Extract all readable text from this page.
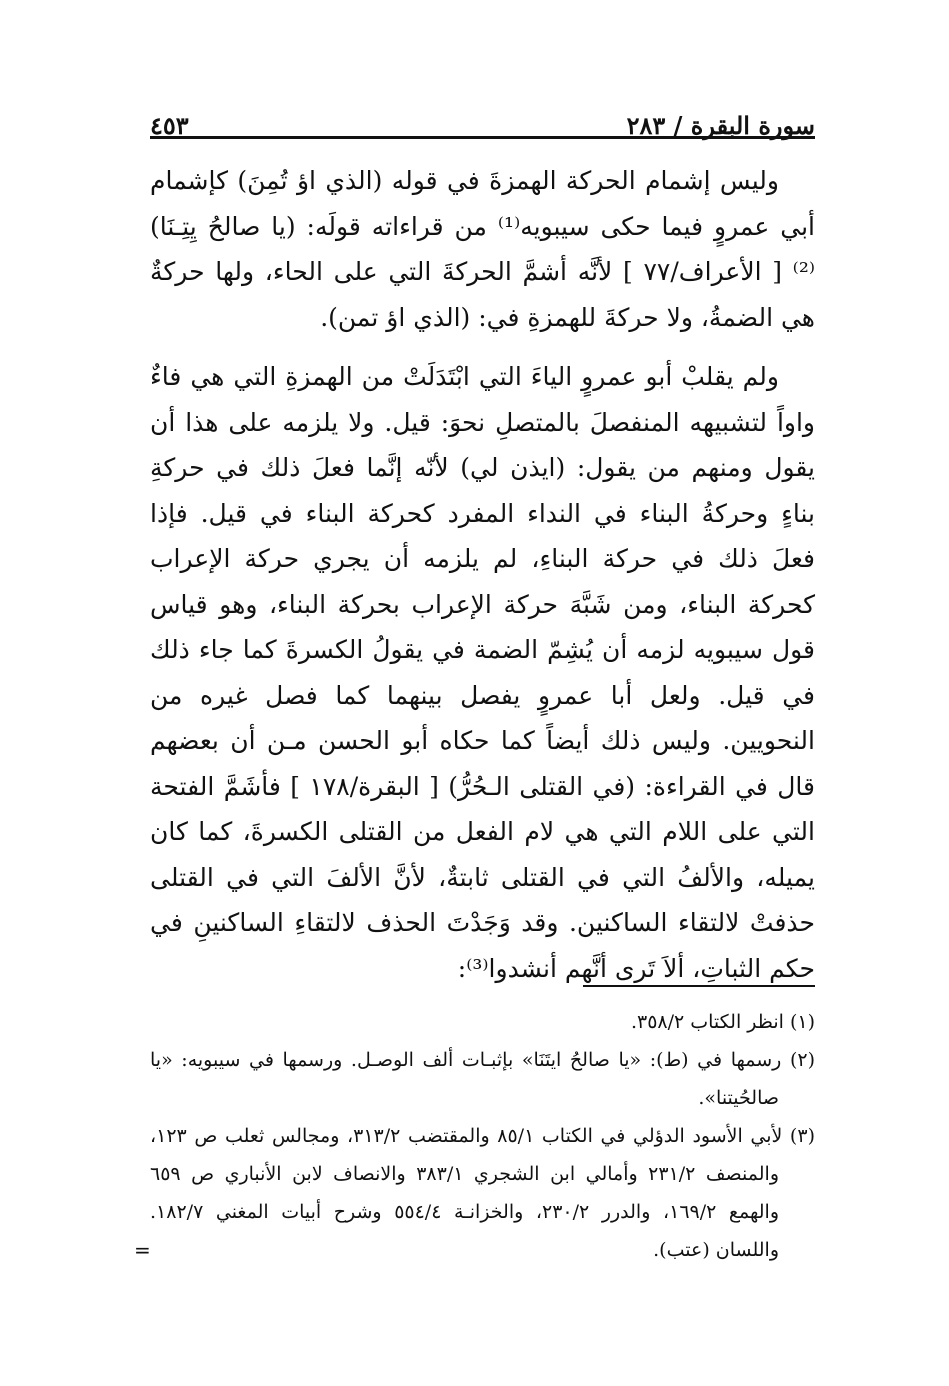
سورة البقرة / ٢٨٣
٤٥٣

وليس إشمام الحركة الهمزةَ في قوله (الذي اؤ تُمِنَ) كإشمام أبي عمروٍ فيما حكى سيبويه⁽¹⁾ من قراءاته قولَه: (يا صالحُ يِتِـنَا) ⁽²⁾ [ الأعراف/٧٧ ] لأنَّه أشمَّ الحركةَ التي على الحاء، ولها حركةٌ هي الضمةُ، ولا حركةَ للهمزةِ في: (الذي اؤ تمن).

ولم يقلبْ أبو عمروٍ الياءَ التي ابْتَدَلَتْ من الهمزةِ التي هي فاءٌ واواً لتشبيهه المنفصلَ بالمتصلِ نحوَ: قيل. ولا يلزمه على هذا أن يقول ومنهم من يقول: (ايذن لي) لأنّه إنَّما فعلَ ذلك في حركةِ بناءٍ وحركةُ البناء في النداء المفرد كحركة البناء في قيل. فإذا فعلَ ذلك في حركة البناءِ، لم يلزمه أن يجري حركة الإعراب كحركة البناء، ومن شَبَّهَ حركة الإعراب بحركة البناء، وهو قياس قول سيبويه لزمه أن يُشِمّ الضمة في يقولُ الكسرةَ كما جاء ذلك في قيل. ولعل أبا عمروٍ يفصل بينهما كما فصل غيره من النحويين. وليس ذلك أيضاً كما حكاه أبو الحسن مـن أن بعضهم قال في القراءة: (في القتلى الـحُرُّ) [ البقرة/١٧٨ ] فأشَمَّ الفتحة التي على اللام التي هي لام الفعل من القتلى الكسرةَ، كما كان يميله، والألفُ التي في القتلى ثابتةٌ، لأنَّ الألفَ التي في القتلى حذفتْ لالتقاء الساكنين. وقد وَجَدْتَ الحذف لالتقاءِ الساكنينِ في حكم الثباتِ، ألاَ تَرى أنَّهم أنشدوا⁽³⁾:

(١) انظر الكتاب ٣٥٨/٢.

(٢) رسمها في (ط): «يا صالحُ ايتَنَا» بإثبـات ألف الوصـل. ورسمها في سيبويه: «يا صالحُيتنا».

(٣) لأبي الأسود الدؤلي في الكتاب ٨٥/١ والمقتضب ٣١٣/٢، ومجالس ثعلب ص ١٢٣، والمنصف ٢٣١/٢ وأمالي ابن الشجري ٣٨٣/١ والانصاف لابن الأنباري ص ٦٥٩ والهمع ١٦٩/٢، والدرر ٢٣٠/٢، والخزانـة ٥٥٤/٤ وشرح أبيات المغني ١٨٢/٧. واللسان (عتب).

=
